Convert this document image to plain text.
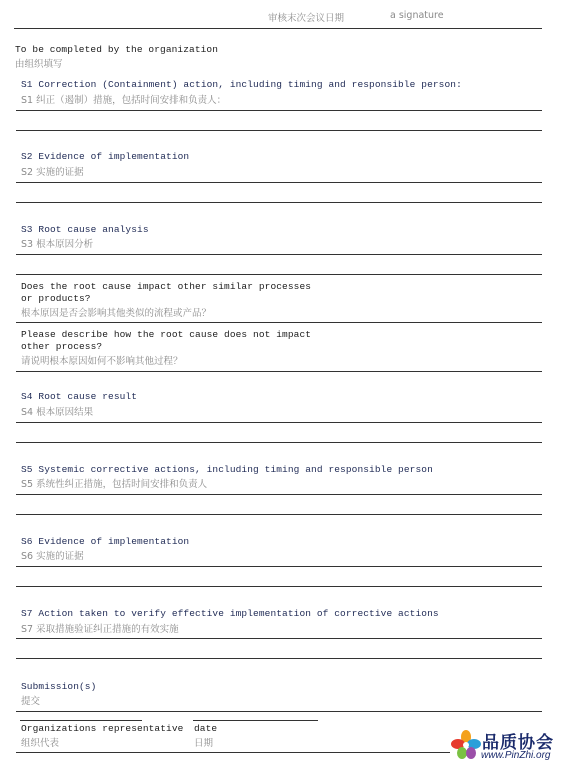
审核末次会议日期	a signature
To be completed by the organization
由组织填写
S1 Correction (Containment) action, including timing and responsible person:
S1 纠正（遏制）措施，包括时间安排和负责人：
S2 Evidence of implementation
S2 实施的证据
S3 Root cause analysis
S3 根本原因分析
Does the root cause impact other similar processes
or products?
根本原因是否会影响其他类似的流程或产品？
Please describe how the root cause does not impact
other process?
请说明根本原因如何不影响其他过程？
S4 Root cause result
S4 根本原因结果
S5 Systemic corrective actions, including timing and responsible person
S5 系统性纠正措施，包括时间安排和负责人
S6 Evidence of implementation
S6 实施的证据
S7 Action taken to verify effective implementation of corrective actions
S7 采取措施验证纠正措施的有效实施
Submission(s)
提交
Organizations representative
组织代表
date
日期	品质协会
www.PinZhi.org
